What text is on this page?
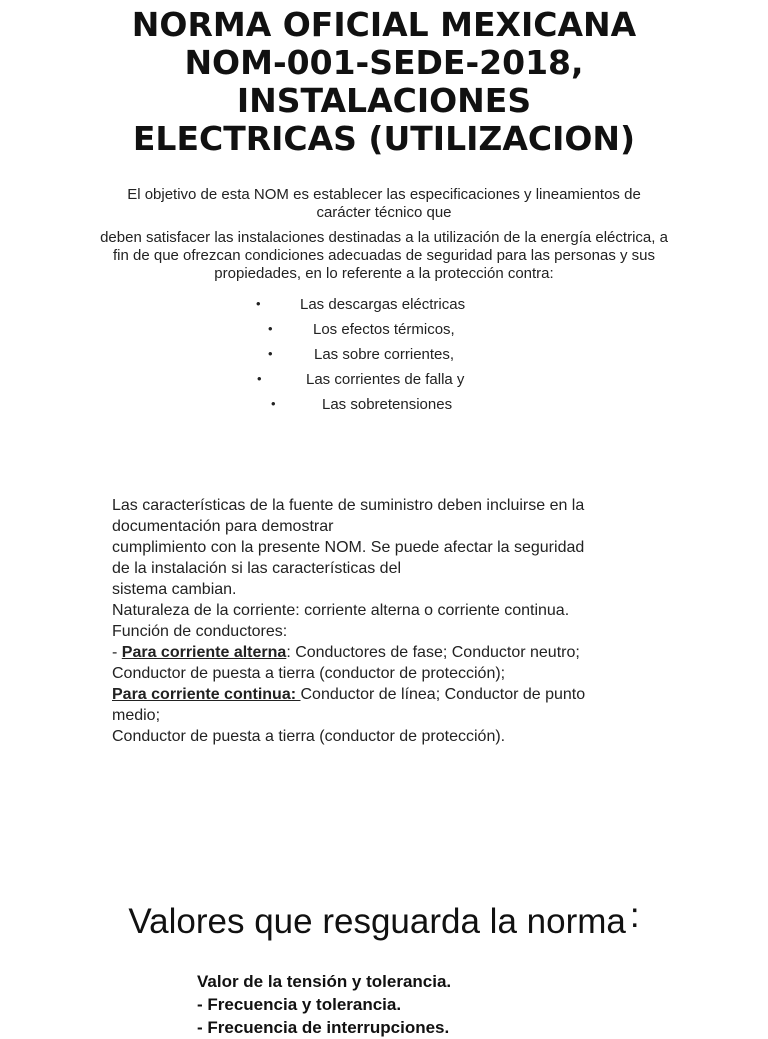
NORMA OFICIAL MEXICANA
NOM-001-SEDE-2018,
INSTALACIONES
ELECTRICAS (UTILIZACION)

El objetivo de esta NOM es establecer las especificaciones y lineamientos de carácter técnico que

deben satisfacer las instalaciones destinadas a la utilización de la energía eléctrica, a fin de que ofrezcan condiciones adecuadas de seguridad para las personas y sus propiedades, en lo referente a la protección contra:

•	Las descargas eléctricas
•	Los efectos térmicos,
•	Las sobre corrientes,
•	Las corrientes de falla y
•	Las sobretensiones
Las características de la fuente de suministro deben incluirse en la
documentación para demostrar
cumplimiento con la presente NOM. Se puede afectar la seguridad
de la instalación si las características del
sistema cambian.
Naturaleza de la corriente: corriente alterna o corriente continua.
Función de conductores:
- Para corriente alterna: Conductores de fase; Conductor neutro;
Conductor de puesta a tierra (conductor de protección);
Para corriente continua: Conductor de línea; Conductor de punto
medio;
Conductor de puesta a tierra (conductor de protección).
Valores que resguarda la norma :
Valor de la tensión y tolerancia.
- Frecuencia y tolerancia.
- Frecuencia de interrupciones.
